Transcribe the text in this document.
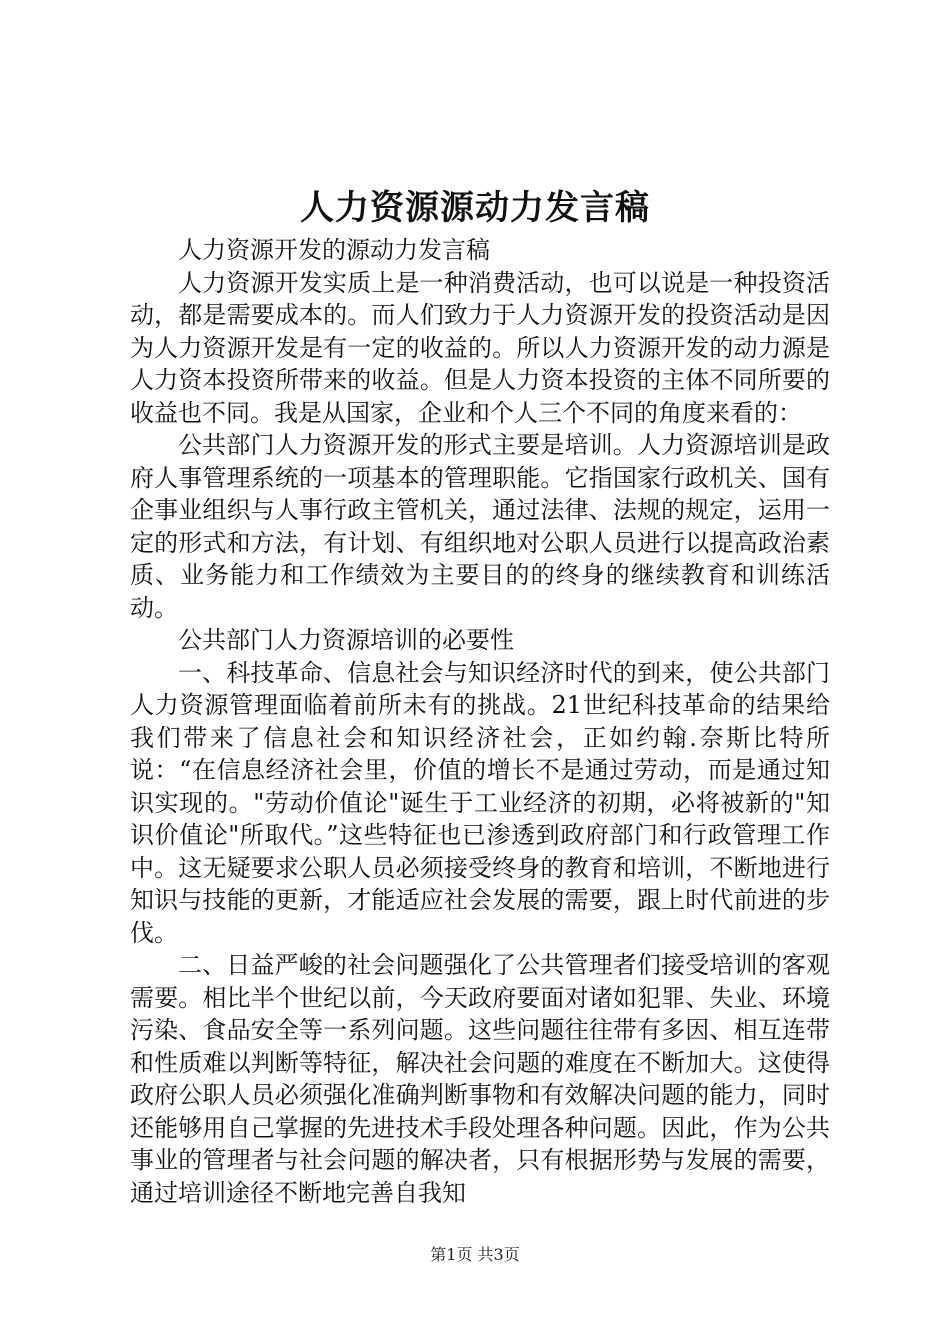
人力资源源动力发言稿

人力资源开发的源动力发言稿

人力资源开发实质上是一种消费活动，也可以说是一种投资活动，都是需要成本的。而人们致力于人力资源开发的投资活动是因为人力资源开发是有一定的收益的。所以人力资源开发的动力源是人力资本投资所带来的收益。但是人力资本投资的主体不同所要的收益也不同。我是从国家，企业和个人三个不同的角度来看的：

公共部门人力资源开发的形式主要是培训。人力资源培训是政府人事管理系统的一项基本的管理职能。它指国家行政机关、国有企事业组织与人事行政主管机关，通过法律、法规的规定，运用一定的形式和方法，有计划、有组织地对公职人员进行以提高政治素质、业务能力和工作绩效为主要目的的终身的继续教育和训练活动。

公共部门人力资源培训的必要性

一、科技革命、信息社会与知识经济时代的到来，使公共部门人力资源管理面临着前所未有的挑战。21世纪科技革命的结果给我们带来了信息社会和知识经济社会，正如约翰.奈斯比特所说：“在信息经济社会里，价值的增长不是通过劳动，而是通过知识实现的。"劳动价值论"诞生于工业经济的初期，必将被新的"知识价值论"所取代。”这些特征也已渗透到政府部门和行政管理工作中。这无疑要求公职人员必须接受终身的教育和培训，不断地进行知识与技能的更新，才能适应社会发展的需要，跟上时代前进的步伐。

二、日益严峻的社会问题强化了公共管理者们接受培训的客观需要。相比半个世纪以前，今天政府要面对诸如犯罪、失业、环境污染、食品安全等一系列问题。这些问题往往带有多因、相互连带和性质难以判断等特征，解决社会问题的难度在不断加大。这使得政府公职人员必须强化准确判断事物和有效解决问题的能力，同时还能够用自己掌握的先进技术手段处理各种问题。因此，作为公共事业的管理者与社会问题的解决者，只有根据形势与发展的需要，通过培训途径不断地完善自我知

第1页 共3页
